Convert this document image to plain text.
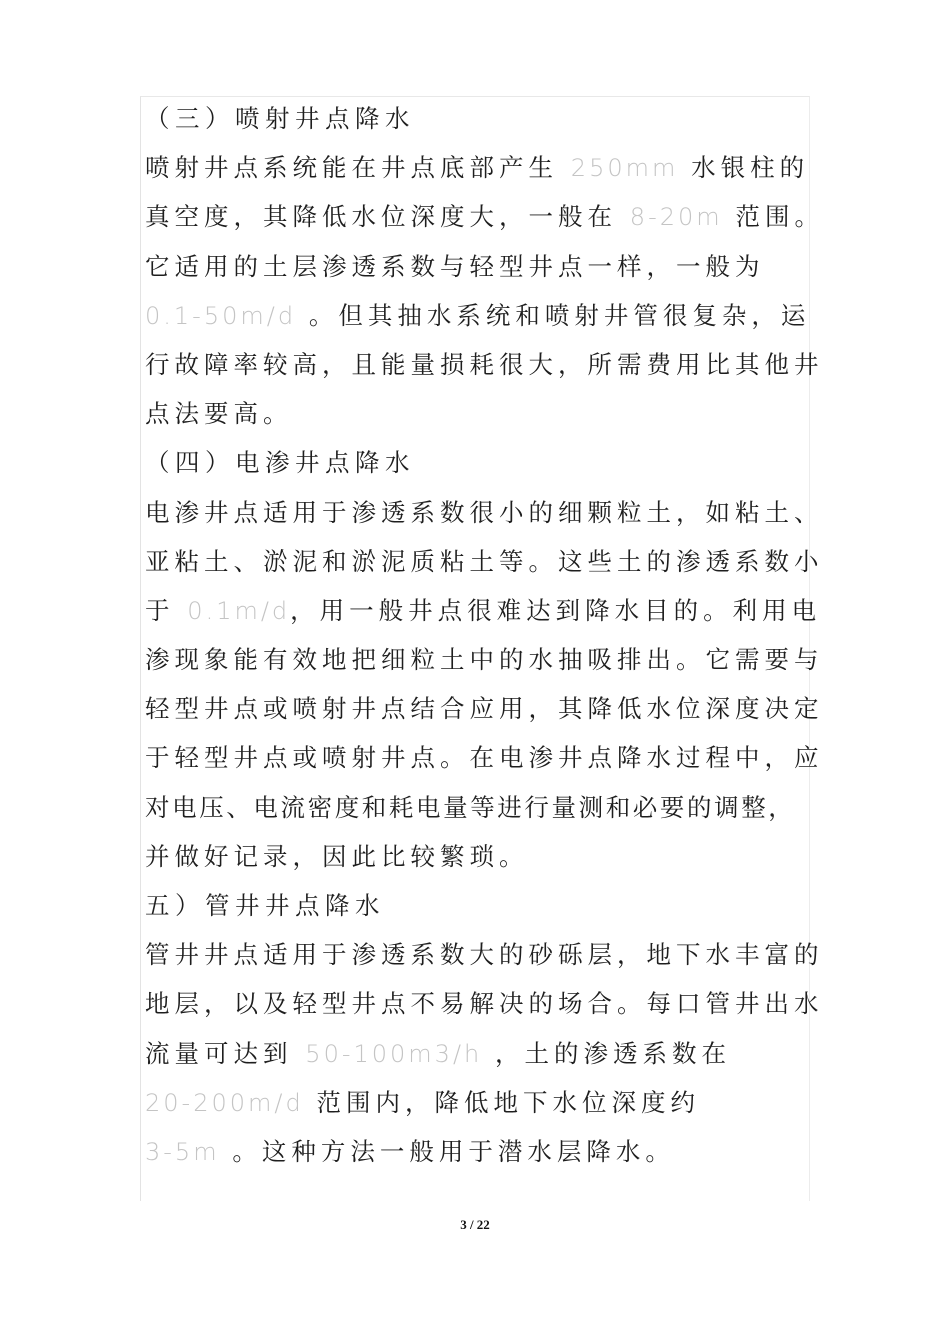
（三）喷射井点降水
喷射井点系统能在井点底部产生 250mm 水银柱的
真空度，其降低水位深度大，一般在 8-20m 范围。
它适用的土层渗透系数与轻型井点一样，一般为
0.1-50m/d 。但其抽水系统和喷射井管很复杂，运
行故障率较高，且能量损耗很大，所需费用比其他井
点法要高。
（四）电渗井点降水
电渗井点适用于渗透系数很小的细颗粒土，如粘土、
亚粘土、淤泥和淤泥质粘土等。这些土的渗透系数小
于 0.1m/d，用一般井点很难达到降水目的。利用电
渗现象能有效地把细粒土中的水抽吸排出。它需要与
轻型井点或喷射井点结合应用，其降低水位深度决定
于轻型井点或喷射井点。在电渗井点降水过程中，应
对电压、电流密度和耗电量等进行量测和必要的调整，
并做好记录，因此比较繁琐。
五）管井井点降水
管井井点适用于渗透系数大的砂砾层，地下水丰富的
地层，以及轻型井点不易解决的场合。每口管井出水
流量可达到 50-100m3/h ，土的渗透系数在
20-200m/d 范围内，降低地下水位深度约
3-5m 。这种方法一般用于潜水层降水。
3 / 22
